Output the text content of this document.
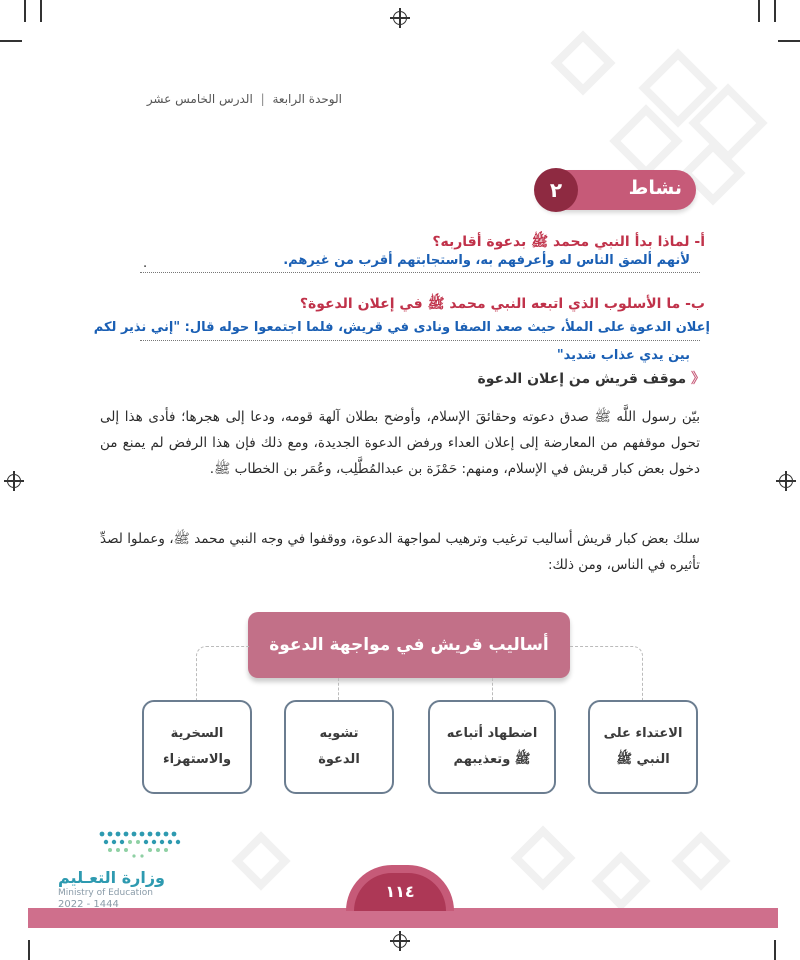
الوحدة الرابعة | الدرس الخامس عشر
نشاط
٢
أ- لماذا بدأ النبي محمد ﷺ بدعوة أقاربه؟
لأنهم ألصق الناس له وأعرفهم به، واستجابتهم أقرب من غيرهم.
.
ب- ما الأسلوب الذي اتبعه النبي محمد ﷺ في إعلان الدعوة؟
إعلان الدعوة على الملأ، حيث صعد الصفا ونادى في قريش، فلما اجتمعوا حوله قال: "إني نذير لكم
بين يدي عذاب شديد"
《 موقف قريش من إعلان الدعوة
بيّن رسول اللَّه ﷺ صدق دعوته وحقائقَ الإسلام، وأوضح بطلان آلهة قومه، ودعا إلى هجرها؛ فأدى هذا إلى تحول موقفهم من المعارضة إلى إعلان العداء ورفض الدعوة الجديدة، ومع ذلك فإن هذا الرفض لم يمنع من دخول بعض كبار قريش في الإسلام، ومنهم: حَمْزَة بن عبدالمُطَّلِب، وعُمَر بن الخطاب ﷺ.
سلك بعض كبار قريش أساليب ترغيب وترهيب لمواجهة الدعوة، ووقفوا في وجه النبي محمد ﷺ، وعملوا لصدِّ تأثيره في الناس، ومن ذلك:
أساليب قريش في مواجهة الدعوة
الاعتداء على
النبي ﷺ
اضطهاد أتباعه
ﷺ وتعذيبهم
تشويه
الدعوة
السخرية
والاستهزاء
١١٤
وزارة التعـليم
Ministry of Education
2022 - 1444
